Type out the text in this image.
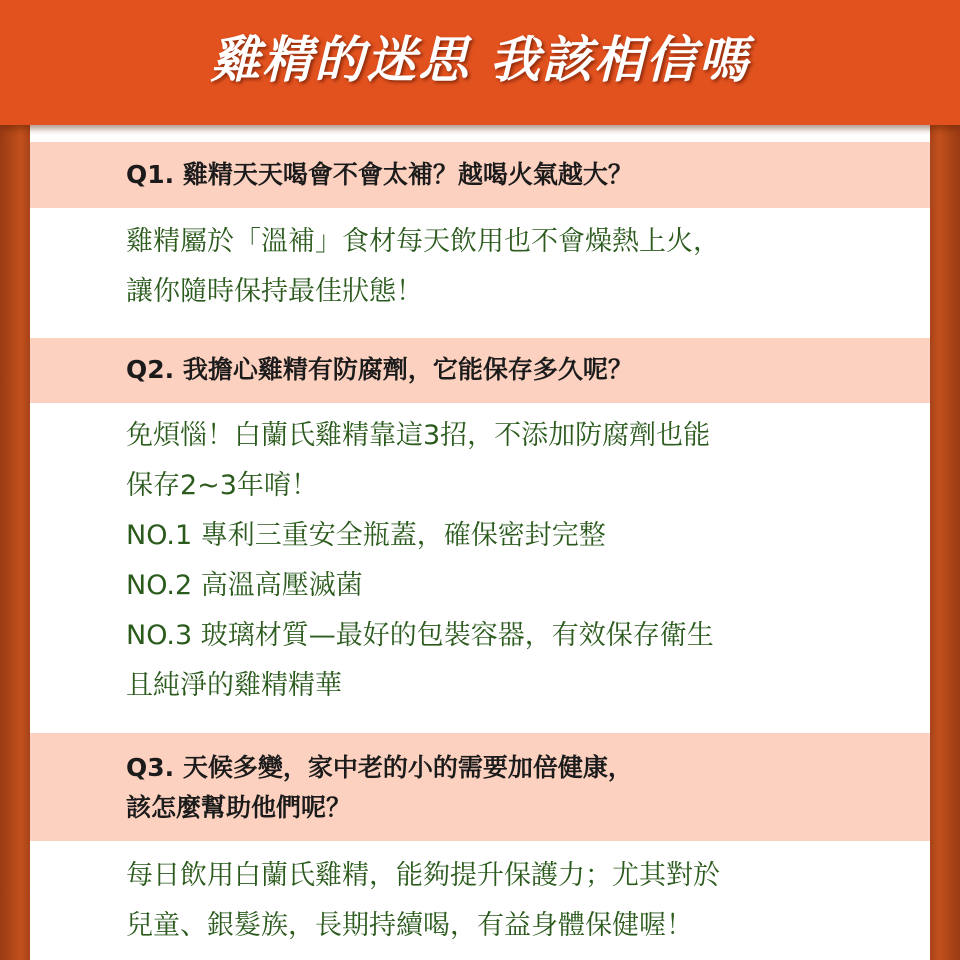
雞精的迷思 我該相信嗎
Q1. 雞精天天喝會不會太補？越喝火氣越大？
雞精屬於「溫補」食材每天飲用也不會燥熱上火，
讓你隨時保持最佳狀態！
Q2. 我擔心雞精有防腐劑，它能保存多久呢？
免煩惱！白蘭氏雞精靠這3招，不添加防腐劑也能
保存2~3年唷！
NO.1 專利三重安全瓶蓋，確保密封完整
NO.2 高溫高壓滅菌
NO.3 玻璃材質—最好的包裝容器，有效保存衛生
且純淨的雞精精華
Q3. 天候多變，家中老的小的需要加倍健康，
該怎麼幫助他們呢？
每日飲用白蘭氏雞精，能夠提升保護力；尤其對於
兒童、銀髮族，長期持續喝，有益身體保健喔！
